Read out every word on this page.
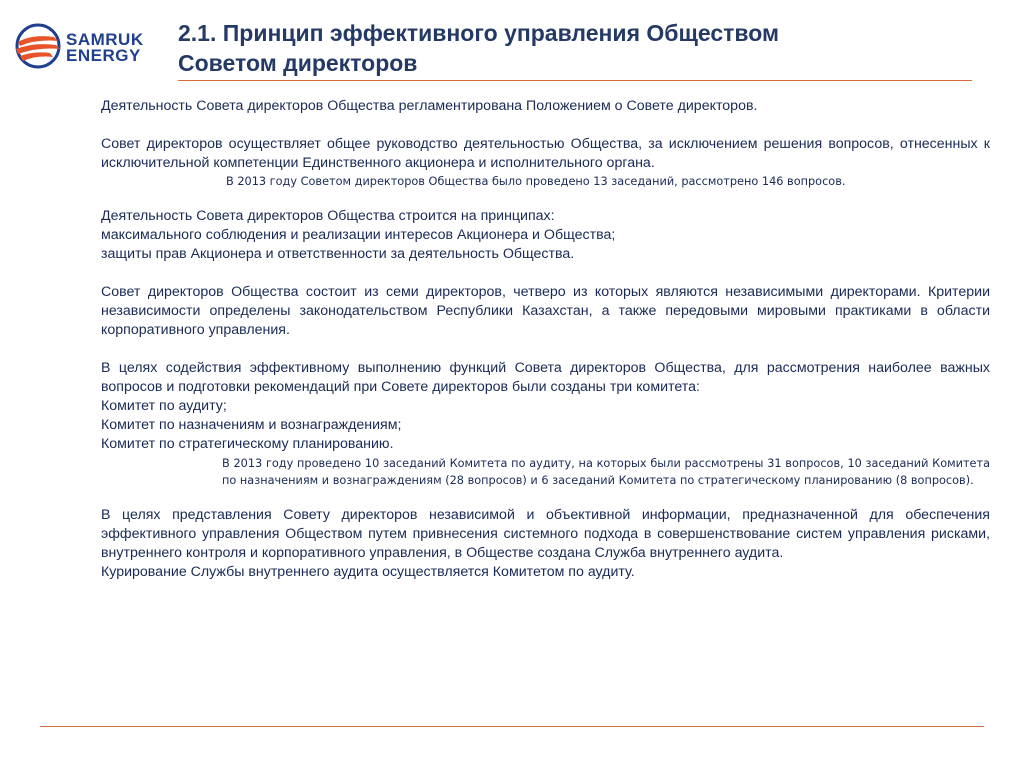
SAMRUK
ENERGY
2.1. Принцип эффективного управления Обществом
Советом директоров

Деятельность Совета директоров Общества регламентирована Положением о Совете директоров.

Совет директоров осуществляет общее руководство деятельностью Общества, за исключением решения вопросов, отнесенных к исключительной компетенции Единственного акционера и исполнительного органа.

В 2013 году Советом директоров Общества было проведено 13 заседаний, рассмотрено 146 вопросов.

Деятельность Совета директоров Общества строится на принципах:

максимального соблюдения и реализации интересов Акционера и Общества;

защиты прав Акционера и ответственности за деятельность Общества.

Совет директоров Общества состоит из семи директоров, четверо из которых являются независимыми директорами. Критерии независимости определены законодательством Республики Казахстан, а также передовыми мировыми практиками в области корпоративного управления.

В целях содействия эффективному выполнению функций Совета директоров Общества, для рассмотрения наиболее важных вопросов и подготовки рекомендаций при Совете директоров были созданы три комитета:

Комитет по аудиту;

Комитет по назначениям и вознаграждениям;

Комитет по стратегическому планированию.

В 2013 году проведено 10 заседаний Комитета по аудиту, на которых были рассмотрены 31 вопросов, 10 заседаний Комитета по назначениям и вознаграждениям (28 вопросов) и 6 заседаний Комитета по стратегическому планированию (8 вопросов).

В целях представления Совету директоров независимой и объективной информации, предназначенной для обеспечения эффективного управления Обществом путем привнесения системного подхода в совершенствование систем управления рисками, внутреннего контроля и корпоративного управления, в Обществе создана Служба внутреннего аудита.

Курирование Службы внутреннего аудита осуществляется Комитетом по аудиту.
